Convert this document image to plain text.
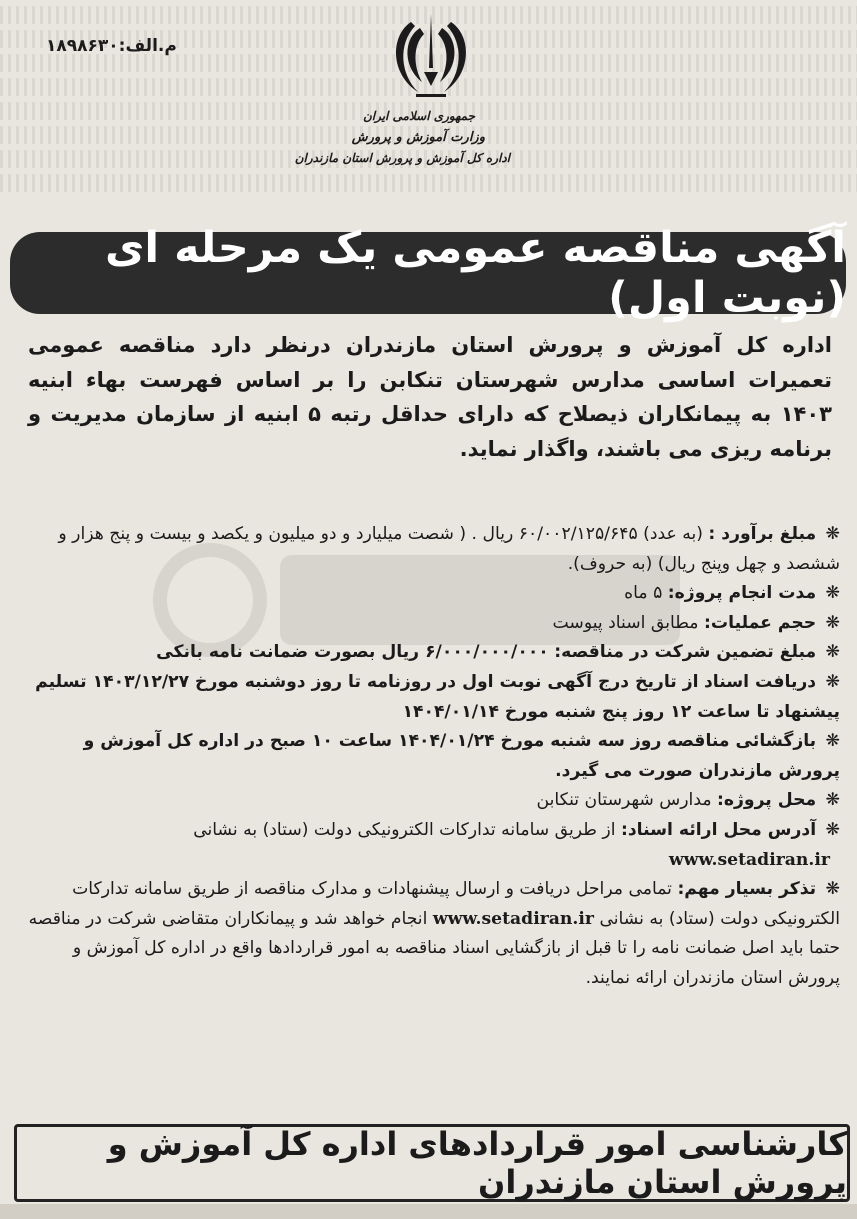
م.الف:۱۸۹۸۶۳۰
جمهوری اسلامی ایران
وزارت آموزش و پرورش
اداره کل آموزش و پرورش استان مازندران
آگهی مناقصه عمومی یک مرحله ای (نوبت اول)
اداره کل آموزش و پرورش استان مازندران درنظر دارد مناقصه عمومی تعمیرات اساسی مدارس شهرستان تنکابن را بر اساس فهرست بهاء ابنیه ۱۴۰۳ به پیمانکاران ذیصلاح که دارای حداقل رتبه ۵ ابنیه از سازمان مدیریت و برنامه ریزی می باشند، واگذار نماید.

❋ مبلغ برآورد : (به عدد) ۶۰/۰۰۲/۱۲۵/۶۴۵ ریال . ( شصت میلیارد و دو میلیون و یکصد و بیست و پنج هزار و ششصد و چهل وپنج ریال) (به حروف).

❋ مدت انجام پروژه: ۵ ماه

❋ حجم عملیات: مطابق اسناد پیوست

❋ مبلغ تضمین شرکت در مناقصه: ۶/۰۰۰/۰۰۰/۰۰۰ ریال بصورت ضمانت نامه بانکی

❋ دریافت اسناد از تاریخ درج آگهی نوبت اول در روزنامه تا روز دوشنبه مورخ ۱۴۰۳/۱۲/۲۷ تسلیم پیشنهاد تا ساعت ۱۲ روز پنج شنبه مورخ ۱۴۰۴/۰۱/۱۴

❋ بازگشائی مناقصه روز سه شنبه مورخ ۱۴۰۴/۰۱/۲۴ ساعت ۱۰ صبح در اداره کل آموزش و پرورش مازندران صورت می گیرد.

❋ محل پروژه: مدارس شهرستان تنکابن

❋ آدرس محل ارائه اسناد: از طریق سامانه تدارکات الکترونیکی دولت (ستاد) به نشانی

www.setadiran.ir

❋ تذکر بسیار مهم: تمامی مراحل دریافت و ارسال پیشنهادات و مدارک مناقصه از طریق سامانه تدارکات الکترونیکی دولت (ستاد) به نشانی www.setadiran.ir انجام خواهد شد و پیمانکاران متقاضی شرکت در مناقصه حتما باید اصل ضمانت نامه را تا قبل از بازگشایی اسناد مناقصه به امور قراردادها واقع در اداره کل آموزش و پرورش استان مازندران ارائه نمایند.

کارشناسی امور قراردادهای اداره کل آموزش و پرورش استان مازندران
